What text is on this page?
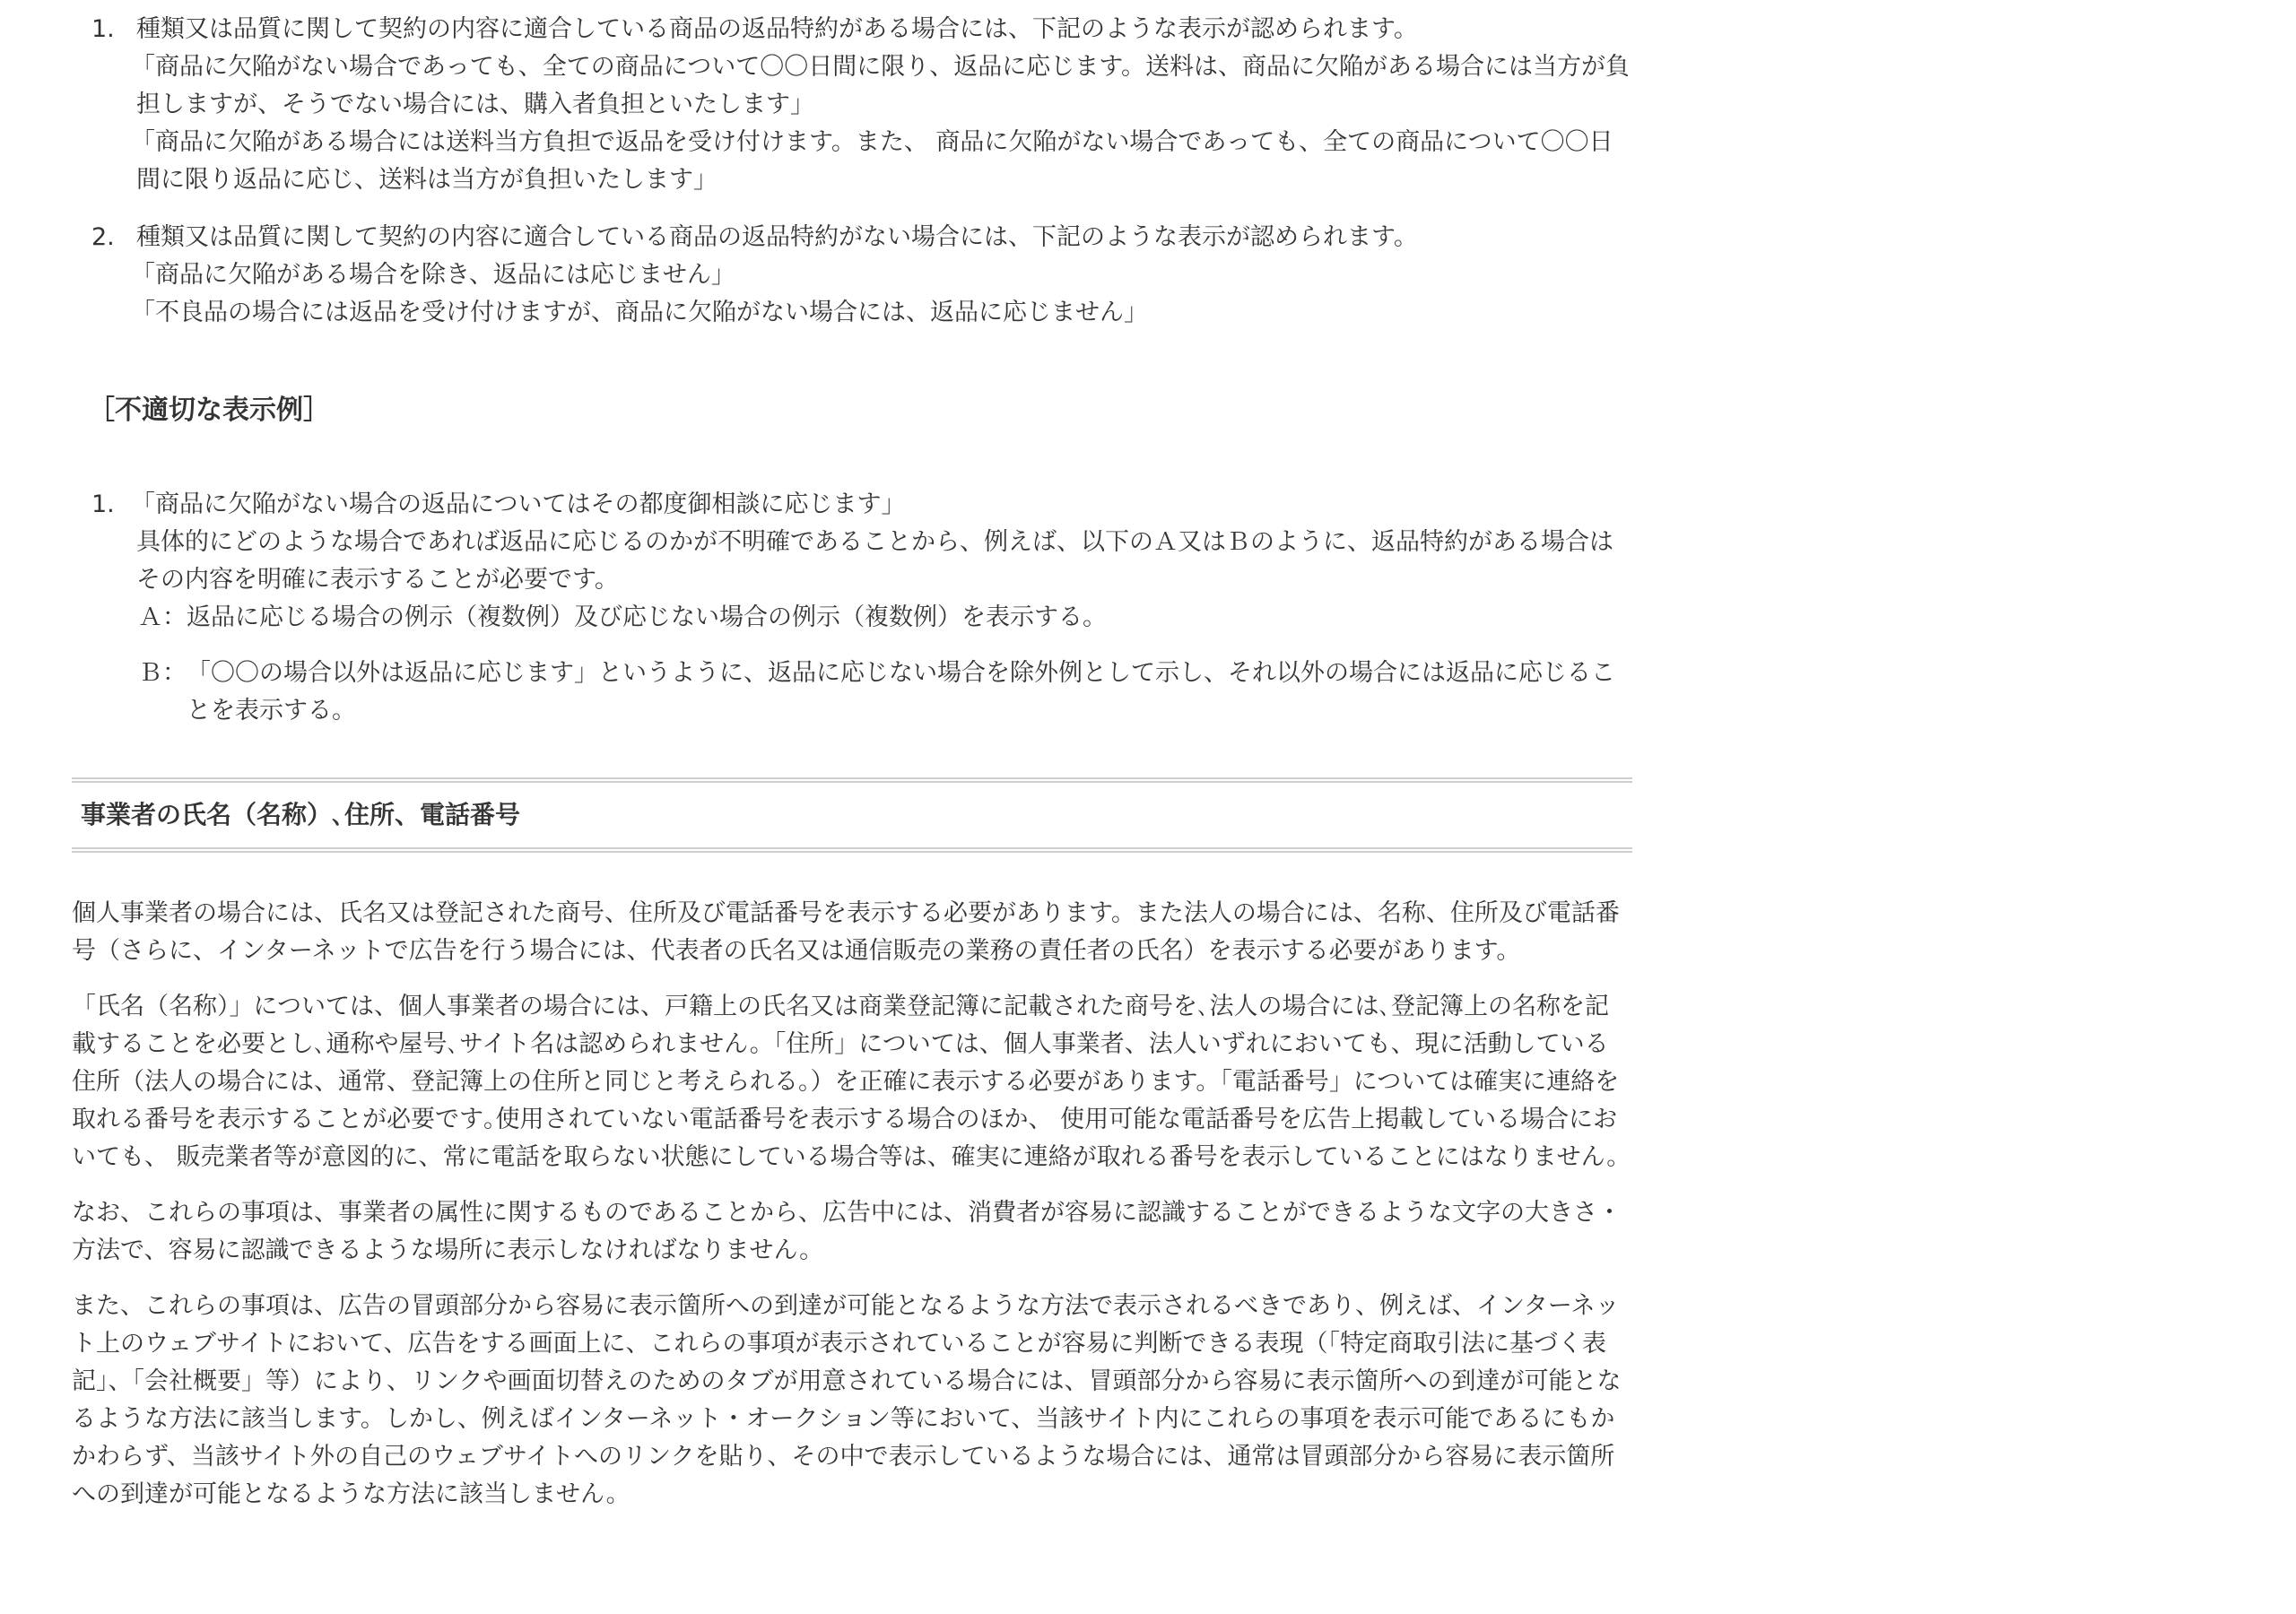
1. 種類又は品質に関して契約の内容に適合している商品の返品特約がある場合には、下記のような表示が認められます。
「商品に欠陥がない場合であっても、全ての商品について〇〇日間に限り、返品に応じます。送料は、商品に欠陥がある場合には当方が負担しますが、そうでない場合には、購入者負担といたします」
「商品に欠陥がある場合には送料当方負担で返品を受け付けます。また、 商品に欠陥がない場合であっても、全ての商品について〇〇日間に限り返品に応じ、送料は当方が負担いたします」
2. 種類又は品質に関して契約の内容に適合している商品の返品特約がない場合には、下記のような表示が認められます。
「商品に欠陥がある場合を除き、返品には応じません」
「不良品の場合には返品を受け付けますが、商品に欠陥がない場合には、返品に応じません」
［不適切な表示例］
1. 「商品に欠陥がない場合の返品についてはその都度御相談に応じます」
具体的にどのような場合であれば返品に応じるのかが不明確であることから、例えば、以下のＡ又はＢのように、返品特約がある場合はその内容を明確に表示することが必要です。
Ａ： 返品に応じる場合の例示（複数例）及び応じない場合の例示（複数例）を表示する。
Ｂ： 「〇〇の場合以外は返品に応じます」というように、返品に応じない場合を除外例として示し、それ以外の場合には返品に応じることを表示する。
事業者の氏名（名称）､住所、電話番号

個人事業者の場合には、氏名又は登記された商号、住所及び電話番号を表示する必要があります。また法人の場合には、名称、住所及び電話番号（さらに、インターネットで広告を行う場合には、代表者の氏名又は通信販売の業務の責任者の氏名）を表示する必要があります。

「氏名（名称）」については、個人事業者の場合には、戸籍上の氏名又は商業登記簿に記載された商号を､法人の場合には､登記簿上の名称を記載することを必要とし､通称や屋号､サイト名は認められません。｢住所」については、個人事業者、法人いずれにおいても、現に活動している住所（法人の場合には、通常、登記簿上の住所と同じと考えられる。）を正確に表示する必要があります。｢電話番号」については確実に連絡を取れる番号を表示することが必要です｡使用されていない電話番号を表示する場合のほか、 使用可能な電話番号を広告上掲載している場合においても、 販売業者等が意図的に、常に電話を取らない状態にしている場合等は、確実に連絡が取れる番号を表示していることにはなりません。

なお、これらの事項は、事業者の属性に関するものであることから、広告中には、消費者が容易に認識することができるような文字の大きさ・方法で、容易に認識できるような場所に表示しなければなりません。

また、これらの事項は、広告の冒頭部分から容易に表示箇所への到達が可能となるような方法で表示されるべきであり、例えば、インターネット上のウェブサイトにおいて、広告をする画面上に、これらの事項が表示されていることが容易に判断できる表現（｢特定商取引法に基づく表記｣、｢会社概要」等）により、リンクや画面切替えのためのタブが用意されている場合には、冒頭部分から容易に表示箇所への到達が可能となるような方法に該当します。しかし、例えばインターネット・オークション等において、当該サイト内にこれらの事項を表示可能であるにもかかわらず、当該サイト外の自己のウェブサイトへのリンクを貼り、その中で表示しているような場合には、通常は冒頭部分から容易に表示箇所への到達が可能となるような方法に該当しません。
